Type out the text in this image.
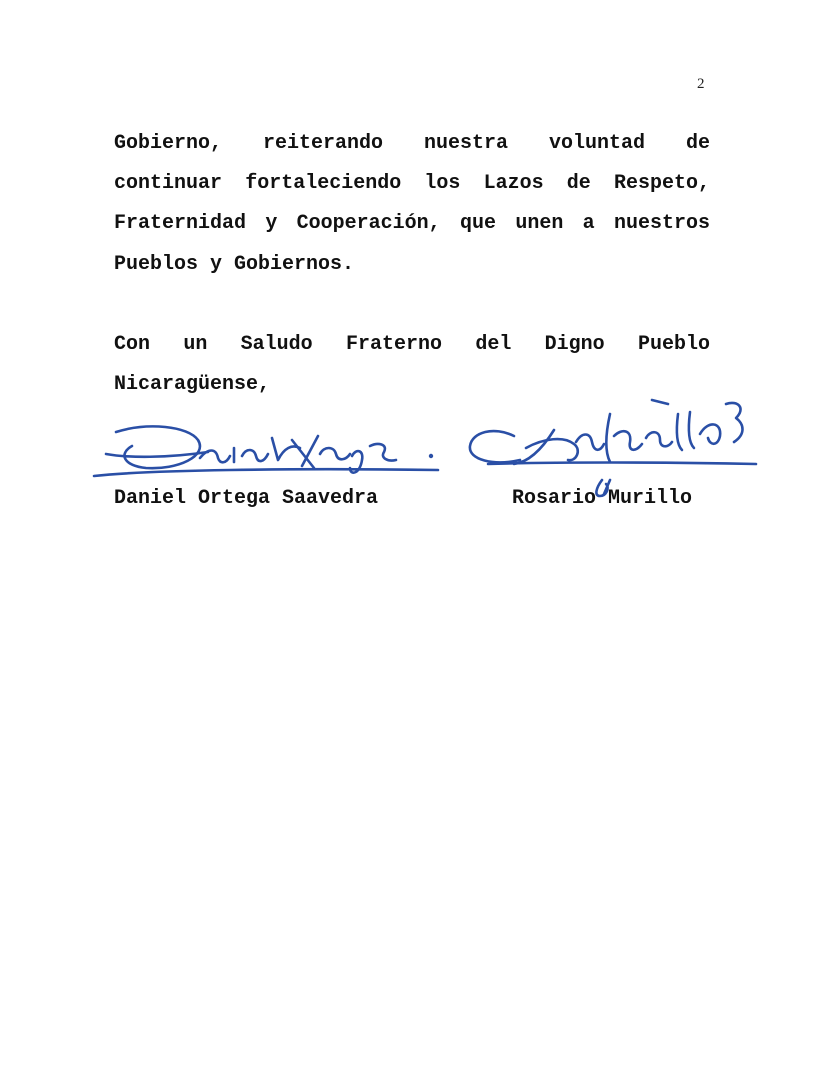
2
Gobierno, reiterando nuestra voluntad de
continuar fortaleciendo los Lazos de Respeto,
Fraternidad y Cooperación, que unen a nuestros
Pueblos y Gobiernos.
Con un Saludo Fraterno del Digno Pueblo
Nicaragüense,
Daniel Ortega Saavedra	Rosario Murillo
